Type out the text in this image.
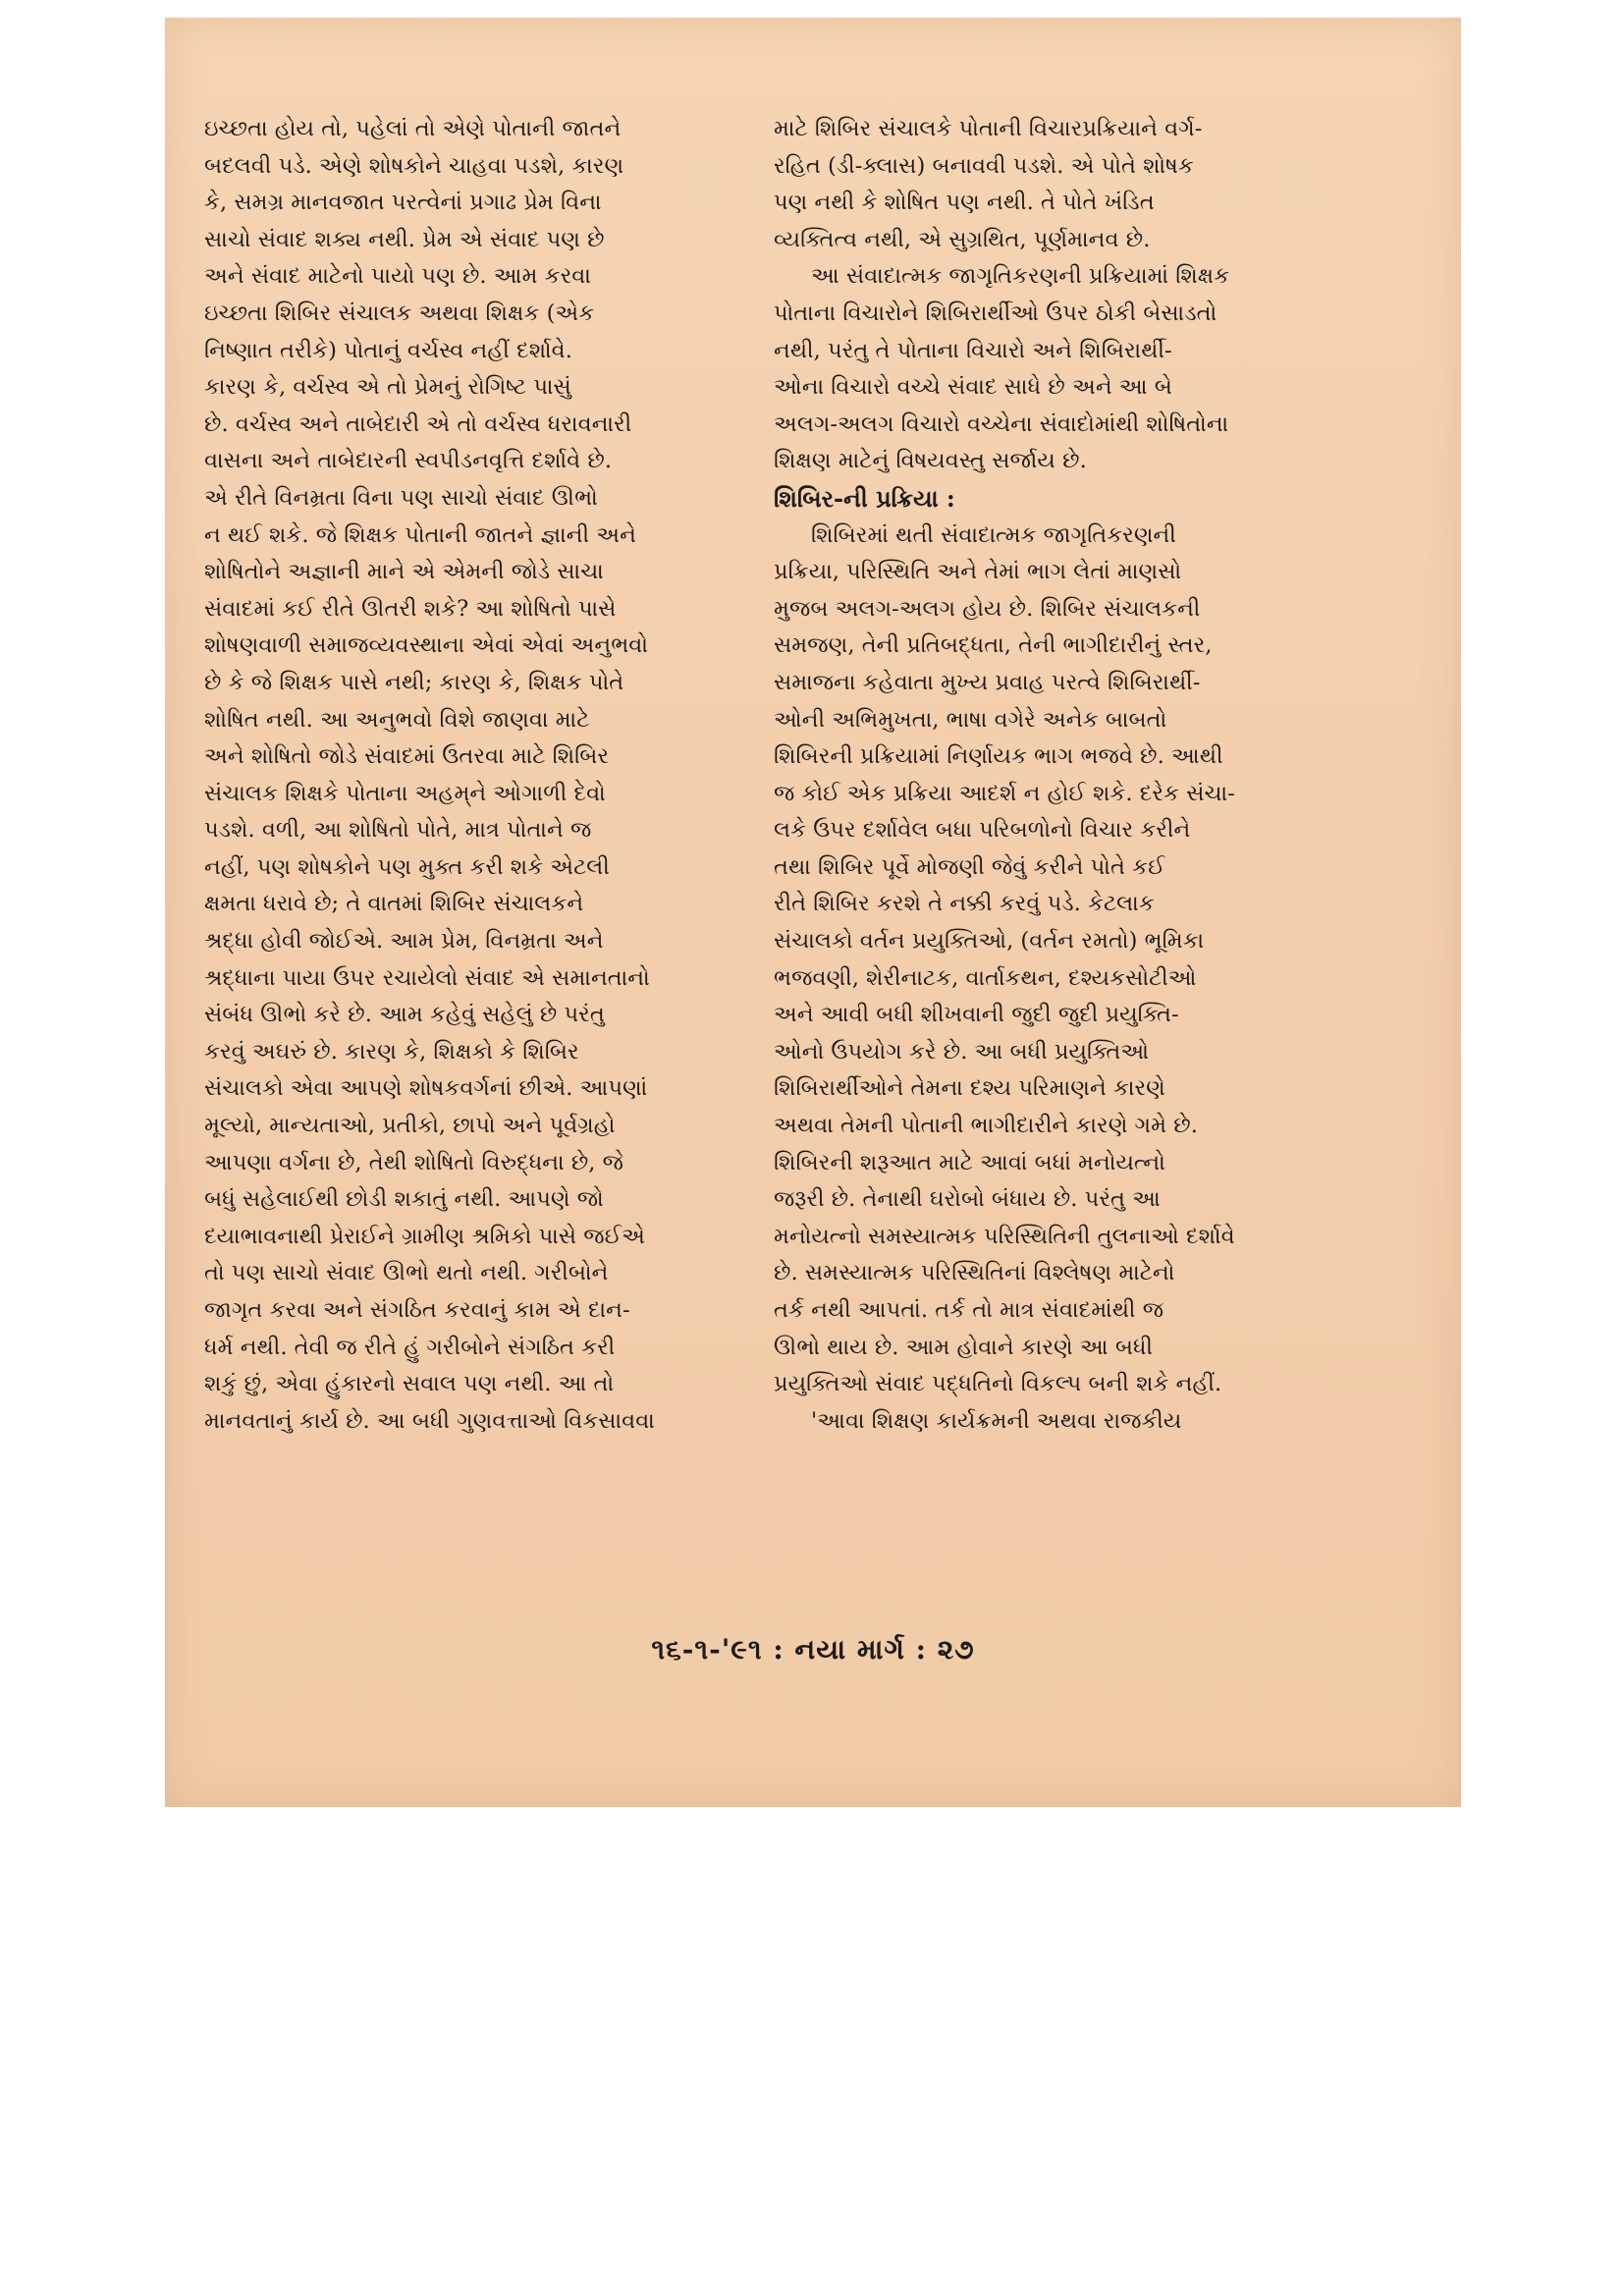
ઇચ્છતા હોય તો, પહેલાં તો એણે પોતાની જાતને
બદલવી પડે. એણે શોષકોને ચાહવા પડશે, કારણ
કે, સમગ્ર માનવજાત પરત્વેનાં પ્રગાઢ પ્રેમ વિના
સાચો સંવાદ શક્ય નથી. પ્રેમ એ સંવાદ પણ છે
અને સંવાદ માટેનો પાયો પણ છે. આમ કરવા
ઇચ્છતા શિબિર સંચાલક અથવા શિક્ષક (એક
નિષ્ણાત તરીકે) પોતાનું વર્ચસ્વ નહીં દર્શાવે.
કારણ કે, વર્ચસ્વ એ તો પ્રેમનું રોગિષ્ટ પાસું
છે. વર્ચસ્વ અને તાબેદારી એ તો વર્ચસ્વ ધરાવનારી
વાસના અને તાબેદારની સ્વપીડનવૃત્તિ દર્શાવે છે.
એ રીતે વિનમ્રતા વિના પણ સાચો સંવાદ ઊભો
ન થઈ શકે. જે શિક્ષક પોતાની જાતને જ્ઞાની અને
શોષિતોને અજ્ઞાની માને એ એમની જોડે સાચા
સંવાદમાં કઈ રીતે ઊતરી શકે? આ શોષિતો પાસે
શોષણવાળી સમાજવ્યવસ્થાના એવાં એવાં અનુભવો
છે કે જે શિક્ષક પાસે નથી; કારણ કે, શિક્ષક પોતે
શોષિત નથી. આ અનુભવો વિશે જાણવા માટે
અને શોષિતો જોડે સંવાદમાં ઉતરવા માટે શિબિર
સંચાલક શિક્ષકે પોતાના અહમ્‌ને ઓગાળી દેવો
પડશે. વળી, આ શોષિતો પોતે, માત્ર પોતાને જ
નહીં, પણ શોષકોને પણ મુક્ત કરી શકે એટલી
ક્ષમતા ધરાવે છે; તે વાતમાં શિબિર સંચાલકને
શ્રદ્ધા હોવી જોઈએ. આમ પ્રેમ, વિનમ્રતા અને
શ્રદ્ધાના પાયા ઉપર રચાયેલો સંવાદ એ સમાનતાનો
સંબંધ ઊભો કરે છે. આમ કહેવું સહેલું છે પરંતુ
કરવું અઘરું છે. કારણ કે, શિક્ષકો કે શિબિર
સંચાલકો એવા આપણે શોષકવર્ગનાં છીએ. આપણાં
મૂલ્યો, માન્યતાઓ, પ્રતીકો, છાપો અને પૂર્વગ્રહો
આપણા વર્ગના છે, તેથી શોષિતો વિરુદ્ધના છે, જે
બધું સહેલાઈથી છોડી શકાતું નથી. આપણે જો
દયાભાવનાથી પ્રેરાઈને ગ્રામીણ શ્રમિકો પાસે જઈએ
તો પણ સાચો સંવાદ ઊભો થતો નથી. ગરીબોને
જાગૃત કરવા અને સંગઠિત કરવાનું કામ એ દાન-
ધર્મ નથી. તેવી જ રીતે હું ગરીબોને સંગઠિત કરી
શકું છું, એવા હુંકારનો સવાલ પણ નથી. આ તો
માનવતાનું કાર્ય છે. આ બધી ગુણવત્તાઓ વિકસાવવા
માટે શિબિર સંચાલકે પોતાની વિચારપ્રક્રિયાને વર્ગ-
રહિત (ડી-ક્લાસ) બનાવવી પડશે. એ પોતે શોષક
પણ નથી કે શોષિત પણ નથી. તે પોતે ખંડિત
વ્યક્તિત્વ નથી, એ સુગ્રથિત, પૂર્ણમાનવ છે.
આ સંવાદાત્મક જાગૃતિકરણની પ્રક્રિયામાં શિક્ષક
પોતાના વિચારોને શિબિરાર્થીઓ ઉપર ઠોકી બેસાડતો
નથી, પરંતુ તે પોતાના વિચારો અને શિબિરાર્થી-
ઓના વિચારો વચ્ચે સંવાદ સાધે છે અને આ બે
અલગ-અલગ વિચારો વચ્ચેના સંવાદોમાંથી શોષિતોના
શિક્ષણ માટેનું વિષયવસ્તુ સર્જાય છે.
શિબિર-ની પ્રક્રિયા :
શિબિરમાં થતી સંવાદાત્મક જાગૃતિકરણની
પ્રક્રિયા, પરિસ્થિતિ અને તેમાં ભાગ લેતાં માણસો
મુજબ અલગ-અલગ હોય છે. શિબિર સંચાલકની
સમજણ, તેની પ્રતિબદ્ધતા, તેની ભાગીદારીનું સ્તર,
સમાજના કહેવાતા મુખ્ય પ્રવાહ પરત્વે શિબિરાર્થી-
ઓની અભિમુખતા, ભાષા વગેરે અનેક બાબતો
શિબિરની પ્રક્રિયામાં નિર્ણાયક ભાગ ભજવે છે. આથી
જ કોઈ એક પ્રક્રિયા આદર્શ ન હોઈ શકે. દરેક સંચા-
લકે ઉપર દર્શાવેલ બધા પરિબળોનો વિચાર કરીને
તથા શિબિર પૂર્વે મોજણી જેવું કરીને પોતે કઈ
રીતે શિબિર કરશે તે નક્કી કરવું પડે. કેટલાક
સંચાલકો વર્તન પ્રયુક્તિઓ, (વર્તન રમતો) ભૂમિકા
ભજવણી, શેરીનાટક, વાર્તાકથન, દશ્યકસોટીઓ
અને આવી બધી શીખવાની જુદી જુદી પ્રયુક્તિ-
ઓનો ઉપયોગ કરે છે. આ બધી પ્રયુક્તિઓ
શિબિરાર્થીઓને તેમના દશ્ય પરિમાણને કારણે
અથવા તેમની પોતાની ભાગીદારીને કારણે ગમે છે.
શિબિરની શરૂઆત માટે આવાં બધાં મનોયત્નો
જરૂરી છે. તેનાથી ઘરોબો બંધાય છે. પરંતુ આ
મનોયત્નો સમસ્યાત્મક પરિસ્થિતિની તુલનાઓ દર્શાવે
છે. સમસ્યાત્મક પરિસ્થિતિનાં વિશ્લેષણ માટેનો
તર્ક નથી આપતાં. તર્ક તો માત્ર સંવાદમાંથી જ
ઊભો થાય છે. આમ હોવાને કારણે આ બધી
પ્રયુક્તિઓ સંવાદ પદ્ધતિનો વિકલ્પ બની શકે નહીં.
'આવા શિક્ષણ કાર્યક્રમની અથવા રાજકીય
૧૬-૧-'૯૧ : નયા માર્ગ : ૨૭
